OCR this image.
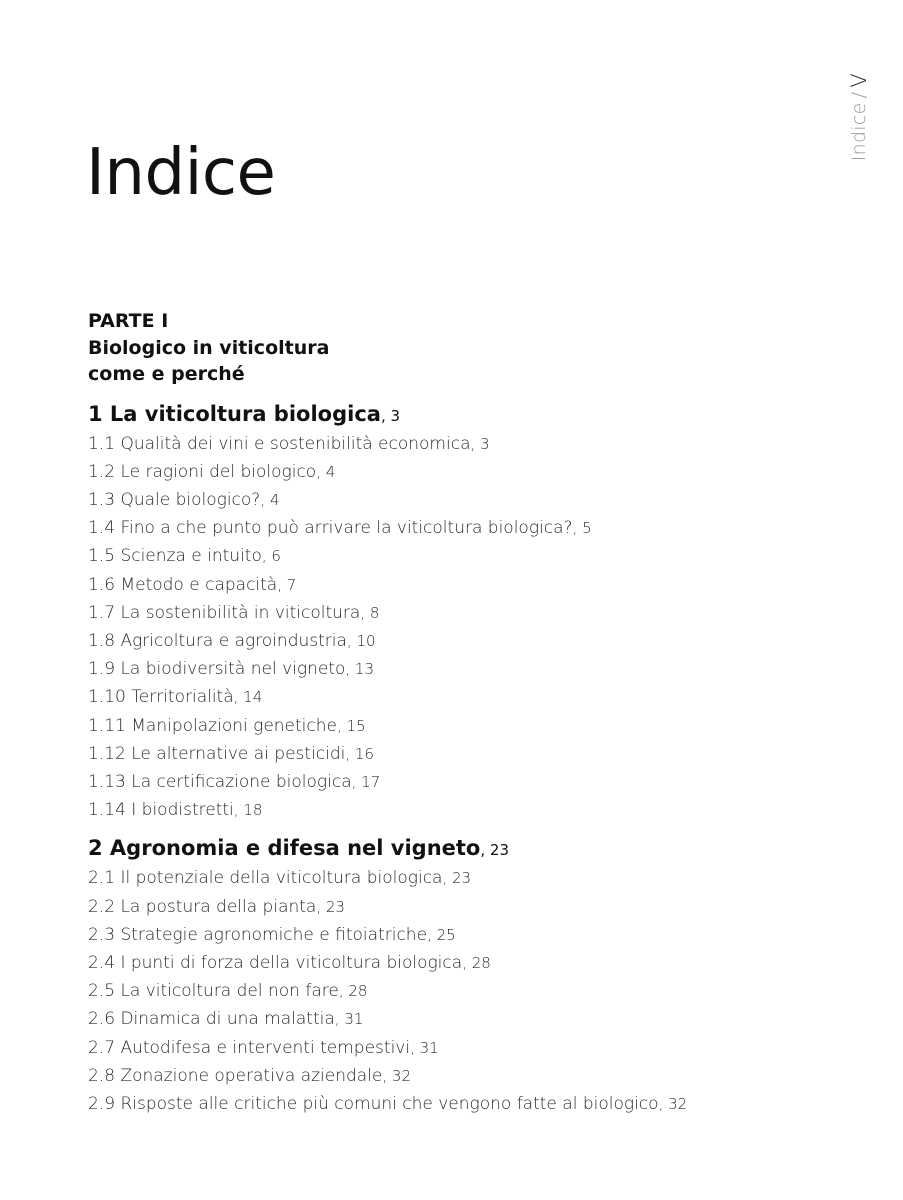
Indice
/
V
Indice
PARTE I
Biologico in viticoltura
come e perché
1 La viticoltura biologica, 3
1.1 Qualità dei vini e sostenibilità economica, 3
1.2 Le ragioni del biologico, 4
1.3 Quale biologico?, 4
1.4 Fino a che punto può arrivare la viticoltura biologica?, 5
1.5 Scienza e intuito, 6
1.6 Metodo e capacità, 7
1.7 La sostenibilità in viticoltura, 8
1.8 Agricoltura e agroindustria, 10
1.9 La biodiversità nel vigneto, 13
1.10 Territorialità, 14
1.11 Manipolazioni genetiche, 15
1.12 Le alternative ai pesticidi, 16
1.13 La certificazione biologica, 17
1.14 I biodistretti, 18
2 Agronomia e difesa nel vigneto, 23
2.1 Il potenziale della viticoltura biologica, 23
2.2 La postura della pianta, 23
2.3 Strategie agronomiche e fitoiatriche, 25
2.4 I punti di forza della viticoltura biologica, 28
2.5 La viticoltura del non fare, 28
2.6 Dinamica di una malattia, 31
2.7 Autodifesa e interventi tempestivi, 31
2.8 Zonazione operativa aziendale, 32
2.9 Risposte alle critiche più comuni che vengono fatte al biologico, 32
